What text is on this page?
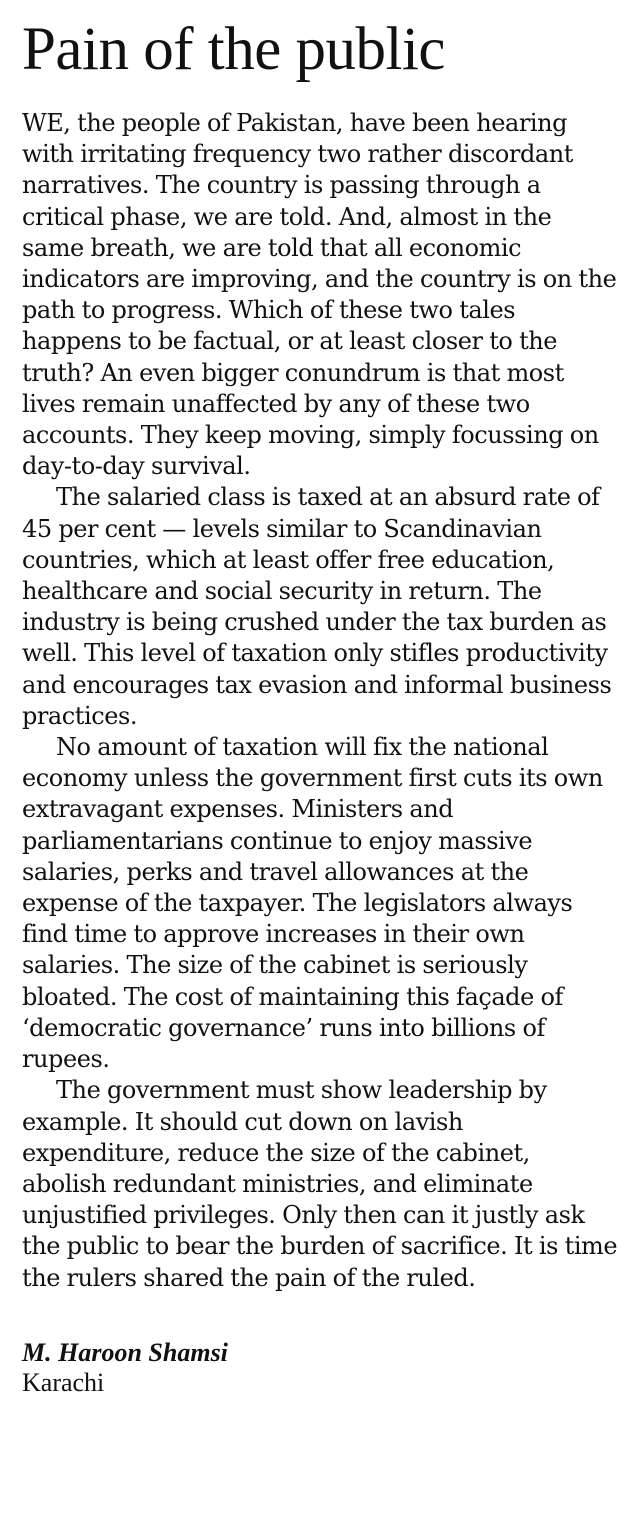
Pain of the public

WE, the people of Pakistan, have been hearing with irritating frequency two rather discordant narratives. The country is passing through a critical phase, we are told. And, almost in the same breath, we are told that all economic indicators are improving, and the country is on the path to progress. Which of these two tales happens to be factual, or at least closer to the truth? An even bigger conundrum is that most lives remain unaffected by any of these two accounts. They keep moving, simply focussing on day-to-day survival.

The salaried class is taxed at an absurd rate of 45 per cent — levels similar to Scandinavian countries, which at least offer free education, healthcare and social security in return. The industry is being crushed under the tax burden as well. This level of taxation only stifles productivity and encourages tax evasion and informal business practices.

No amount of taxation will fix the national economy unless the government first cuts its own extravagant expenses. Ministers and parliamentarians continue to enjoy massive salaries, perks and travel allowances at the expense of the taxpayer. The legislators always find time to approve increases in their own salaries. The size of the cabinet is seriously bloated. The cost of maintaining this façade of ‘democratic governance’ runs into billions of rupees.

The government must show leadership by example. It should cut down on lavish expenditure, reduce the size of the cabinet, abolish redundant ministries, and eliminate unjustified privileges. Only then can it justly ask the public to bear the burden of sacrifice. It is time the rulers shared the pain of the ruled.

M. Haroon Shamsi
Karachi
